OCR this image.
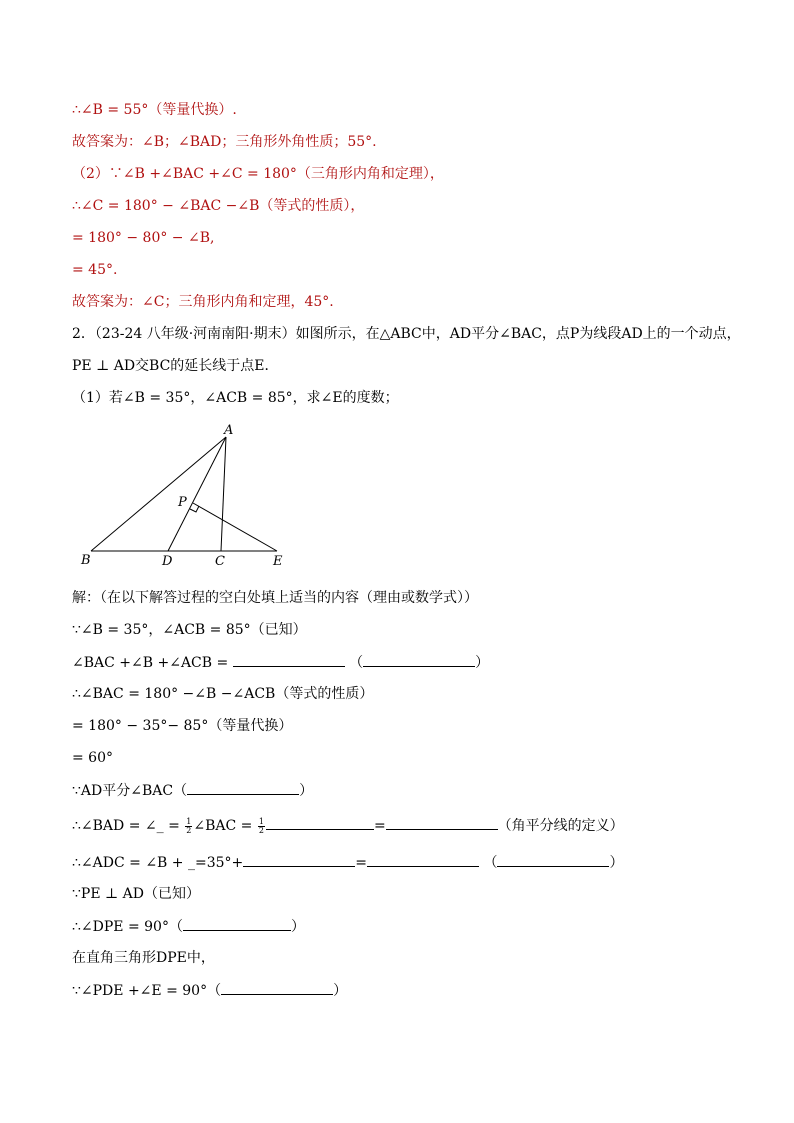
∴∠B = 55°（等量代换）.
故答案为：∠B；∠BAD；三角形外角性质；55°.
（2）∵∠B +∠BAC +∠C = 180°（三角形内角和定理），
∴∠C = 180° − ∠BAC −∠B（等式的性质），
= 180° − 80° − ∠B,
= 45°.
故答案为：∠C；三角形内角和定理，45°.
2．（23-24 八年级·河南南阳·期末）如图所示，在△ABC中，AD平分∠BAC，点P为线段AD上的一个动点，
PE ⊥ AD交BC的延长线于点E．
（1）若∠B = 35°，∠ACB = 85°，求∠E的度数；
A
B	C
D	E
P
解：（在以下解答过程的空白处填上适当的内容（理由或数学式））
∵∠B = 35°，∠ACB = 85°（已知）
∠BAC +∠B +∠ACB =	（	）
∴∠BAC = 180° −∠B −∠ACB（等式的性质）
= 180° − 35°− 85°（等量代换）
= 60°
∵AD平分∠BAC（	）
∴∠BAD = ∠_ = $\frac{1}{2}$ ∠BAC = $\frac{1}{2}$	=	（角平分线的定义）
∴∠ADC = ∠B + _=35°+	=	（	）
∵PE ⊥ AD（已知）
∴∠DPE = 90°（	）
在直角三角形DPE中，
∵∠PDE +∠E = 90°（	）
